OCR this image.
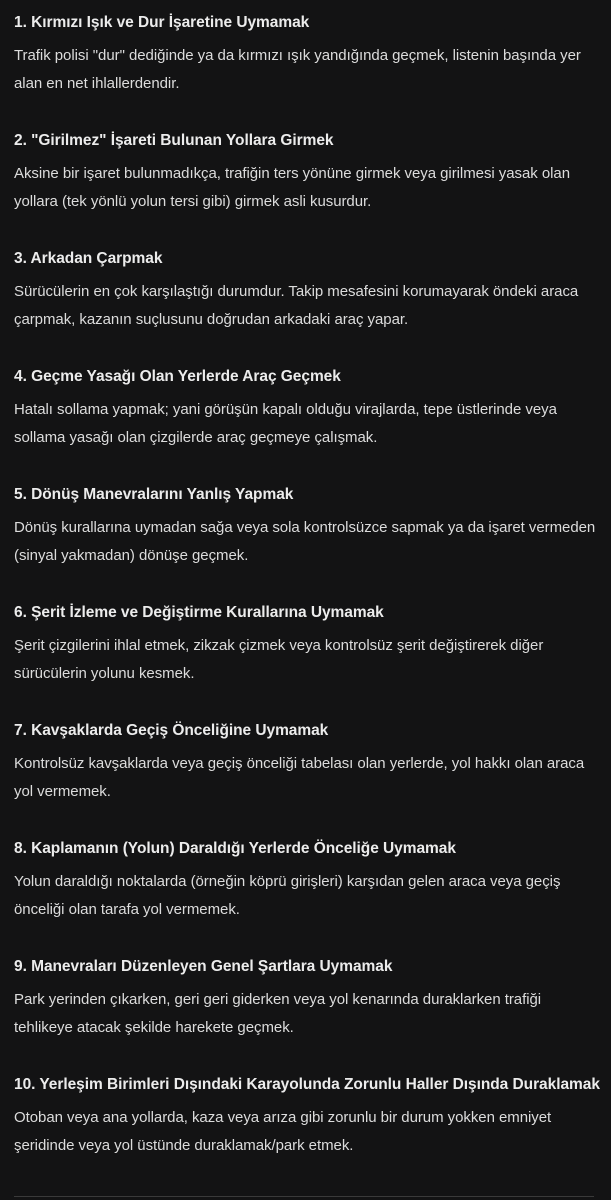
1. Kırmızı Işık ve Dur İşaretine Uymamak

Trafik polisi "dur" dediğinde ya da kırmızı ışık yandığında geçmek, listenin başında yer alan en net ihlallerdendir.

2. "Girilmez" İşareti Bulunan Yollara Girmek

Aksine bir işaret bulunmadıkça, trafiğin ters yönüne girmek veya girilmesi yasak olan yollara (tek yönlü yolun tersi gibi) girmek asli kusurdur.

3. Arkadan Çarpmak

Sürücülerin en çok karşılaştığı durumdur. Takip mesafesini korumayarak öndeki araca çarpmak, kazanın suçlusunu doğrudan arkadaki araç yapar.

4. Geçme Yasağı Olan Yerlerde Araç Geçmek

Hatalı sollama yapmak; yani görüşün kapalı olduğu virajlarda, tepe üstlerinde veya sollama yasağı olan çizgilerde araç geçmeye çalışmak.

5. Dönüş Manevralarını Yanlış Yapmak

Dönüş kurallarına uymadan sağa veya sola kontrolsüzce sapmak ya da işaret vermeden (sinyal yakmadan) dönüşe geçmek.

6. Şerit İzleme ve Değiştirme Kurallarına Uymamak

Şerit çizgilerini ihlal etmek, zikzak çizmek veya kontrolsüz şerit değiştirerek diğer sürücülerin yolunu kesmek.

7. Kavşaklarda Geçiş Önceliğine Uymamak

Kontrolsüz kavşaklarda veya geçiş önceliği tabelası olan yerlerde, yol hakkı olan araca yol vermemek.

8. Kaplamanın (Yolun) Daraldığı Yerlerde Önceliğe Uymamak

Yolun daraldığı noktalarda (örneğin köprü girişleri) karşıdan gelen araca veya geçiş önceliği olan tarafa yol vermemek.

9. Manevraları Düzenleyen Genel Şartlara Uymamak

Park yerinden çıkarken, geri geri giderken veya yol kenarında duraklarken trafiği tehlikeye atacak şekilde harekete geçmek.

10. Yerleşim Birimleri Dışındaki Karayolunda Zorunlu Haller Dışında Duraklamak

Otoban veya ana yollarda, kaza veya arıza gibi zorunlu bir durum yokken emniyet şeridinde veya yol üstünde duraklamak/park etmek.
